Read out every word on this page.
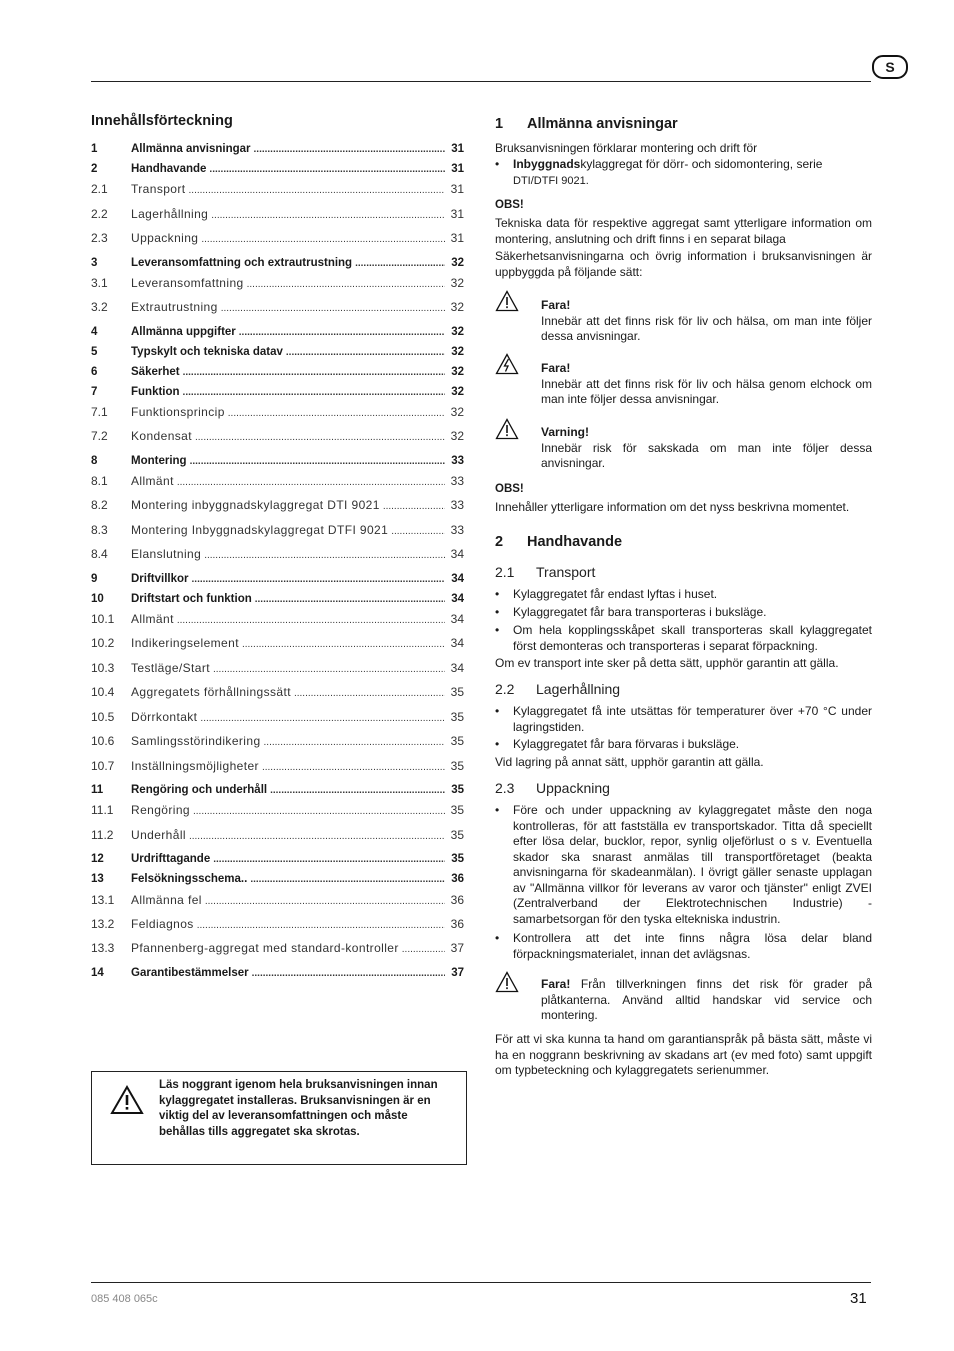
S
085 408 065c	31
Innehållsförteckning
1	Allmänna anvisningar .....	31
2	Handhavande .....	31
2.1	Transport .....	31
2.2	Lagerhållning .....	31
2.3	Uppackning .....	31
3	Leveransomfattning och extrautrustning .....	32
3.1	Leveransomfattning .....	32
3.2	Extrautrustning .....	32
4	Allmänna uppgifter .....	32
5	Typskylt och tekniska datav .....	32
6	Säkerhet .....	32
7	Funktion .....	32
7.1	Funktionsprincip .....	32
7.2	Kondensat .....	32
8	Montering .....	33
8.1	Allmänt .....	33
8.2	Montering inbyggnadskylaggregat DTI 9021 .....	33
8.3	Montering Inbyggnadskylaggregat DTFI 9021 .....	33
8.4	Elanslutning .....	34
9	Driftvillkor .....	34
10	Driftstart och funktion .....	34
10.1	Allmänt .....	34
10.2	Indikeringselement .....	34
10.3	Testläge/Start .....	34
10.4	Aggregatets förhållningssätt .....	35
10.5	Dörrkontakt .....	35
10.6	Samlingsstörindikering .....	35
10.7	Inställningsmöjligheter .....	35
11	Rengöring och underhåll .....	35
11.1	Rengöring .....	35
11.2	Underhåll .....	35
12	Urdrifttagande .....	35
13	Felsökningsschema.. .....	36
13.1	Allmänna fel .....	36
13.2	Feldiagnos .....	36
13.3	Pfannenberg-aggregat med standard-kontroller .....	37
14	Garantibestämmelser .....	37
Läs noggrant igenom hela bruksanvisningen innan kylaggregatet installeras. Bruksanvisningen är en viktig del av leveransomfattningen och måste behållas tills aggregatet ska skrotas.
1	Allmänna anvisningar
Bruksanvisningen förklarar montering och drift för
• Inbyggnadskylaggregat för dörr- och sidomontering, serie
DTI/DTFI 9021.
OBS!
Tekniska data för respektive aggregat samt ytterligare information om montering, anslutning och drift finns i en separat bilaga
Säkerhetsanvisningarna och övrig information i bruksanvisningen är uppbyggda på följande sätt:
Fara!
Innebär att det finns risk för liv och hälsa, om man inte följer dessa anvisningar.
Fara!
Innebär att det finns risk för liv och hälsa genom elchock om man inte följer dessa anvisningar.
Varning!
Innebär risk för sakskada om man inte följer dessa anvisningar.
OBS!
Innehåller ytterligare information om det nyss beskrivna momentet.
2	Handhavande
2.1	Transport
• Kylaggregatet får endast lyftas i huset.
• Kylaggregatet får bara transporteras i buksläge.
• Om hela kopplingsskåpet skall transporteras skall kylaggregatet först demonteras och transporteras i separat förpackning.
Om ev transport inte sker på detta sätt, upphör garantin att gälla.
2.2	Lagerhållning
• Kylaggregatet få inte utsättas för temperaturer över +70 °C under lagringstiden.
• Kylaggregatet får bara förvaras i buksläge.
Vid lagring på annat sätt, upphör garantin att gälla.
2.3	Uppackning
• Före och under uppackning av kylaggregatet måste den noga kontrolleras, för att fastställa ev transportskador. Titta då speciellt efter lösa delar, bucklor, repor, synlig oljeförlust o s v. Eventuella skador ska snarast anmälas till transportföretaget (beakta anvisningarna för skadeanmälan). I övrigt gäller senaste upplagan av "Allmänna villkor för leverans av varor och tjänster" enligt ZVEI (Zentralverband der Elektrotechnischen Industrie) - samarbetsorgan för den tyska eltekniska industrin.
• Kontrollera att det inte finns några lösa delar bland förpackningsmaterialet, innan det avlägsnas.
Fara! Från tillverkningen finns det risk för grader på plåtkanterna. Använd alltid handskar vid service och montering.
För att vi ska kunna ta hand om garantianspråk på bästa sätt, måste vi ha en noggrann beskrivning av skadans art (ev med foto) samt uppgift om typbeteckning och kylaggregatets serienummer.
